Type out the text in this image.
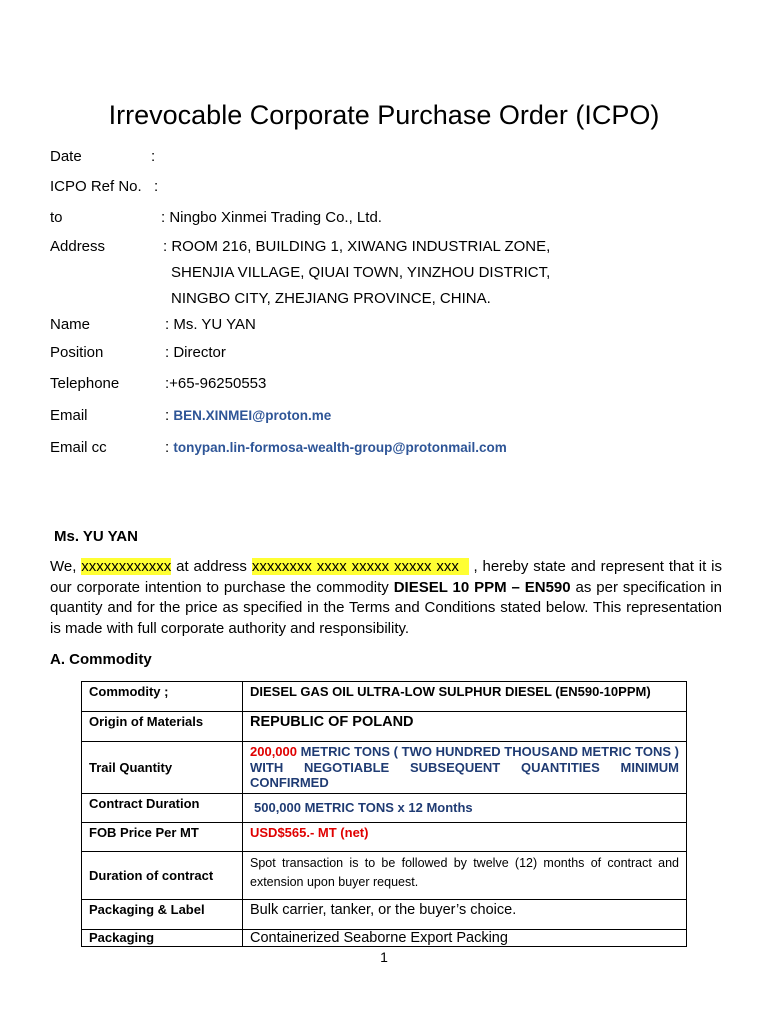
Irrevocable Corporate Purchase Order (ICPO)
Date	:
ICPO Ref No. :
to	: Ningbo Xinmei Trading Co., Ltd.
Address	: ROOM 216, BUILDING 1, XIWANG INDUSTRIAL ZONE,
SHENJIA VILLAGE, QIUAI TOWN, YINZHOU DISTRICT,
NINGBO CITY, ZHEJIANG PROVINCE, CHINA.
Name	: Ms. YU YAN
Position	: Director
Telephone	:+65-96250553
Email	: BEN.XINMEI@proton.me
Email cc	: tonypan.lin-formosa-wealth-group@protonmail.com
Ms. YU YAN
We, xxxxxxxxxxxx at address xxxxxxxx xxxx xxxxx xxxxx xxx   , hereby state and represent that it is our corporate intention to purchase the commodity DIESEL 10 PPM – EN590 as per specification in quantity and for the price as specified in the Terms and Conditions stated below. This representation is made with full corporate authority and responsibility.
A. Commodity
Commodity ;	DIESEL GAS OIL ULTRA-LOW SULPHUR DIESEL (EN590-10PPM)
Origin of Materials	REPUBLIC OF POLAND
Trail Quantity	200,000 METRIC TONS ( TWO HUNDRED THOUSAND METRIC TONS ) WITH NEGOTIABLE SUBSEQUENT QUANTITIES MINIMUM CONFIRMED
Contract Duration	500,000 METRIC TONS x 12 Months
FOB Price Per MT	USD$565.- MT (net)
Duration of contract	Spot transaction is to be followed by twelve (12) months of contract and extension upon buyer request.
Packaging & Label	Bulk carrier, tanker, or the buyer’s choice.
Packaging	Containerized Seaborne Export Packing
1
